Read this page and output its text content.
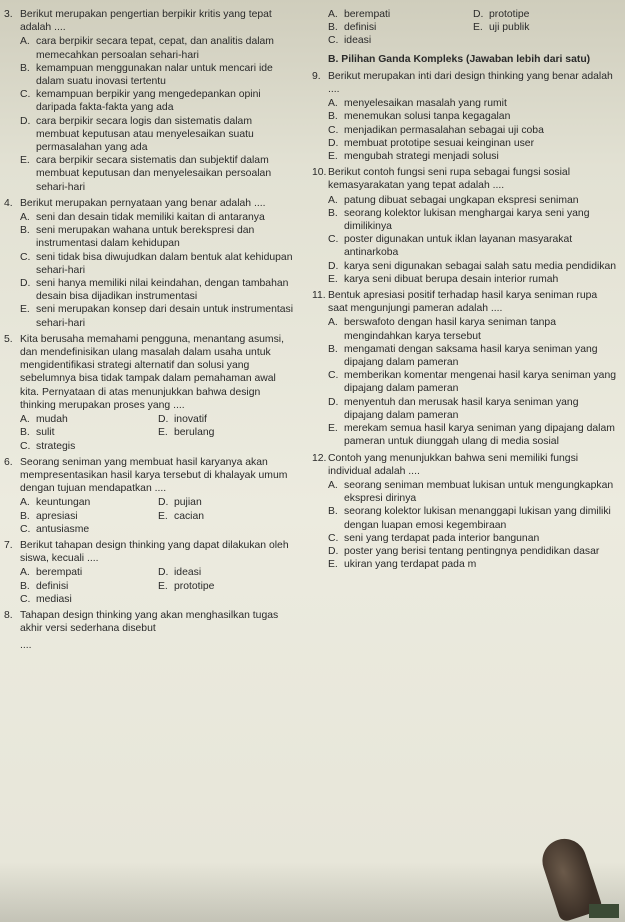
3. Berikut merupakan pengertian berpikir kritis yang tepat adalah ....
A. cara berpikir secara tepat, cepat, dan analitis dalam memecahkan persoalan sehari-hari
B. kemampuan menggunakan nalar untuk mencari ide dalam suatu inovasi tertentu
C. kemampuan berpikir yang mengedepankan opini daripada fakta-fakta yang ada
D. cara berpikir secara logis dan sistematis dalam membuat keputusan atau menyelesaikan suatu permasalahan yang ada
E. cara berpikir secara sistematis dan subjektif dalam membuat keputusan dan menyelesaikan persoalan sehari-hari
4. Berikut merupakan pernyataan yang benar adalah ....
A. seni dan desain tidak memiliki kaitan di antaranya
B. seni merupakan wahana untuk berekspresi dan instrumentasi dalam kehidupan
C. seni tidak bisa diwujudkan dalam bentuk alat kehidupan sehari-hari
D. seni hanya memiliki nilai keindahan, dengan tambahan desain bisa dijadikan instrumentasi
E. seni merupakan konsep dari desain untuk instrumentasi sehari-hari
5. Kita berusaha memahami pengguna, menantang asumsi, dan mendefinisikan ulang masalah dalam usaha untuk mengidentifikasi strategi alternatif dan solusi yang sebelumnya bisa tidak tampak dalam pemahaman awal kita. Pernyataan di atas menunjukkan bahwa design thinking merupakan proses yang ....
A. mudah	D. inovatif
B. sulit	E. berulang
C. strategis
6. Seorang seniman yang membuat hasil karyanya akan mempresentasikan hasil karya tersebut di khalayak umum dengan tujuan mendapatkan ....
A. keuntungan	D. pujian
B. apresiasi	E. cacian
C. antusiasme
7. Berikut tahapan design thinking yang dapat dilakukan oleh siswa, kecuali ....
A. berempati	D. ideasi
B. definisi	E. prototipe
C. mediasi
8. Tahapan design thinking yang akan menghasilkan tugas akhir versi sederhana disebut
....
A. berempati	D. prototipe
B. definisi	E. uji publik
C. ideasi
B. Pilihan Ganda Kompleks (Jawaban lebih dari satu)
9. Berikut merupakan inti dari design thinking yang benar adalah ....
A. menyelesaikan masalah yang rumit
B. menemukan solusi tanpa kegagalan
C. menjadikan permasalahan sebagai uji coba
D. membuat prototipe sesuai keinginan user
E. mengubah strategi menjadi solusi
10. Berikut contoh fungsi seni rupa sebagai fungsi sosial kemasyarakatan yang tepat adalah ....
A. patung dibuat sebagai ungkapan ekspresi seniman
B. seorang kolektor lukisan menghargai karya seni yang dimilikinya
C. poster digunakan untuk iklan layanan masyarakat antinarkoba
D. karya seni digunakan sebagai salah satu media pendidikan
E. karya seni dibuat berupa desain interior rumah
11. Bentuk apresiasi positif terhadap hasil karya seniman rupa saat mengunjungi pameran adalah ....
A. berswafoto dengan hasil karya seniman tanpa mengindahkan karya tersebut
B. mengamati dengan saksama hasil karya seniman yang dipajang dalam pameran
C. memberikan komentar mengenai hasil karya seniman yang dipajang dalam pameran
D. menyentuh dan merusak hasil karya seniman yang dipajang dalam pameran
E. merekam semua hasil karya seniman yang dipajang dalam pameran untuk diunggah ulang di media sosial
12. Contoh yang menunjukkan bahwa seni memiliki fungsi individual adalah ....
A. seorang seniman membuat lukisan untuk mengungkapkan ekspresi dirinya
B. seorang kolektor lukisan menanggapi lukisan yang dimiliki dengan luapan emosi kegembiraan
C. seni yang terdapat pada interior bangunan
D. poster yang berisi tentang pentingnya pendidikan dasar
E. ukiran yang terdapat pada m
